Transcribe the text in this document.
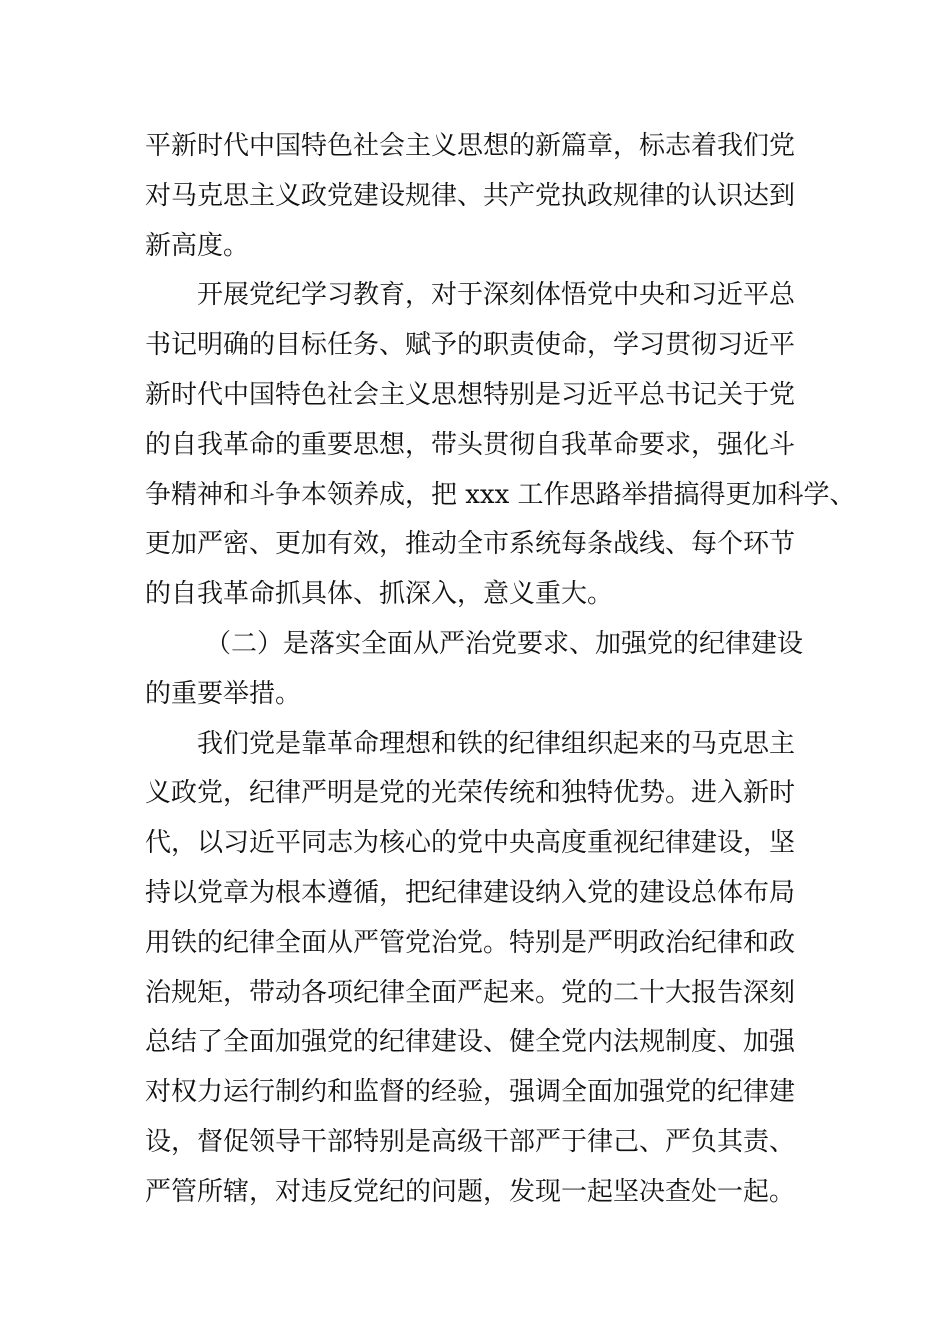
平新时代中国特色社会主义思想的新篇章，标志着我们党
对马克思主义政党建设规律、共产党执政规律的认识达到
新高度。
开展党纪学习教育，对于深刻体悟党中央和习近平总
书记明确的目标任务、赋予的职责使命，学习贯彻习近平
新时代中国特色社会主义思想特别是习近平总书记关于党
的自我革命的重要思想，带头贯彻自我革命要求，强化斗
争精神和斗争本领养成，把 xxx 工作思路举措搞得更加科学、
更加严密、更加有效，推动全市系统每条战线、每个环节
的自我革命抓具体、抓深入，意义重大。
（二）是落实全面从严治党要求、加强党的纪律建设
的重要举措。
我们党是靠革命理想和铁的纪律组织起来的马克思主
义政党，纪律严明是党的光荣传统和独特优势。进入新时
代，以习近平同志为核心的党中央高度重视纪律建设，坚
持以党章为根本遵循，把纪律建设纳入党的建设总体布局
用铁的纪律全面从严管党治党。特别是严明政治纪律和政
治规矩，带动各项纪律全面严起来。党的二十大报告深刻
总结了全面加强党的纪律建设、健全党内法规制度、加强
对权力运行制约和监督的经验，强调全面加强党的纪律建
设，督促领导干部特别是高级干部严于律己、严负其责、
严管所辖，对违反党纪的问题，发现一起坚决查处一起。
